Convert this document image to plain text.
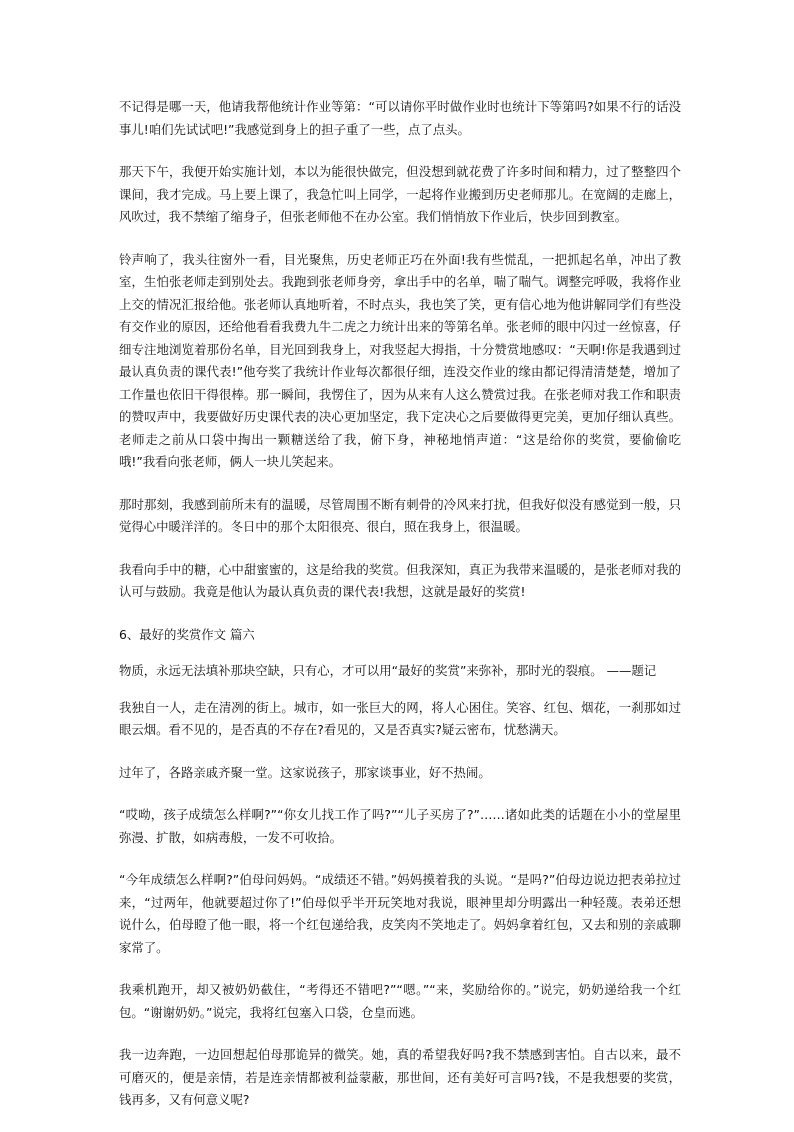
不记得是哪一天，他请我帮他统计作业等第：“可以请你平时做作业时也统计下等第吗?如果不行的话没事儿!咱们先试试吧!”我感觉到身上的担子重了一些，点了点头。

那天下午，我便开始实施计划，本以为能很快做完，但没想到就花费了许多时间和精力，过了整整四个课间，我才完成。马上要上课了，我急忙叫上同学，一起将作业搬到历史老师那儿。在宽阔的走廊上，风吹过，我不禁缩了缩身子，但张老师他不在办公室。我们悄悄放下作业后，快步回到教室。

铃声响了，我头往窗外一看，目光聚焦，历史老师正巧在外面!我有些慌乱，一把抓起名单，冲出了教室，生怕张老师走到别处去。我跑到张老师身旁，拿出手中的名单，喘了喘气。调整完呼吸，我将作业上交的情况汇报给他。张老师认真地听着，不时点头，我也笑了笑，更有信心地为他讲解同学们有些没有交作业的原因，还给他看看我费九牛二虎之力统计出来的等第名单。张老师的眼中闪过一丝惊喜，仔细专注地浏览着那份名单，目光回到我身上，对我竖起大拇指，十分赞赏地感叹：“天啊!你是我遇到过最认真负责的课代表!”他夸奖了我统计作业每次都很仔细，连没交作业的缘由都记得清清楚楚，增加了工作量也依旧干得很棒。那一瞬间，我愣住了，因为从来有人这么赞赏过我。在张老师对我工作和职责的赞叹声中，我要做好历史课代表的决心更加坚定，我下定决心之后要做得更完美，更加仔细认真些。老师走之前从口袋中掏出一颗糖送给了我，俯下身，神秘地悄声道：“这是给你的奖赏，要偷偷吃哦!”我看向张老师，俩人一块儿笑起来。

那时那刻，我感到前所未有的温暖，尽管周围不断有刺骨的冷风来打扰，但我好似没有感觉到一般，只觉得心中暖洋洋的。冬日中的那个太阳很亮、很白，照在我身上，很温暖。

我看向手中的糖，心中甜蜜蜜的，这是给我的奖赏。但我深知，真正为我带来温暖的，是张老师对我的认可与鼓励。我竟是他认为最认真负责的课代表!我想，这就是最好的奖赏!

6、最好的奖赏作文 篇六

物质，永远无法填补那块空缺，只有心，才可以用“最好的奖赏”来弥补，那时光的裂痕。 ——题记

我独自一人，走在清冽的街上。城市，如一张巨大的网，将人心困住。笑容、红包、烟花，一刹那如过眼云烟。看不见的，是否真的不存在?看见的，又是否真实?疑云密布，忧愁满天。

过年了，各路亲戚齐聚一堂。这家说孩子，那家谈事业，好不热闹。

“哎呦，孩子成绩怎么样啊?”“你女儿找工作了吗?”“儿子买房了?”……诸如此类的话题在小小的堂屋里弥漫、扩散，如病毒般，一发不可收拾。

“今年成绩怎么样啊?”伯母问妈妈。“成绩还不错。”妈妈摸着我的头说。“是吗?”伯母边说边把表弟拉过来，“过两年，他就要超过你了!”伯母似乎半开玩笑地对我说，眼神里却分明露出一种轻蔑。表弟还想说什么，伯母瞪了他一眼，将一个红包递给我，皮笑肉不笑地走了。妈妈拿着红包，又去和别的亲戚聊家常了。

我乘机跑开，却又被奶奶截住，“考得还不错吧?”“嗯。”“来，奖励给你的。”说完，奶奶递给我一个红包。“谢谢奶奶。”说完，我将红包塞入口袋，仓皇而逃。

我一边奔跑，一边回想起伯母那诡异的微笑。她，真的希望我好吗?我不禁感到害怕。自古以来，最不可磨灭的，便是亲情，若是连亲情都被利益蒙蔽，那世间，还有美好可言吗?钱，不是我想要的奖赏，钱再多，又有何意义呢?
